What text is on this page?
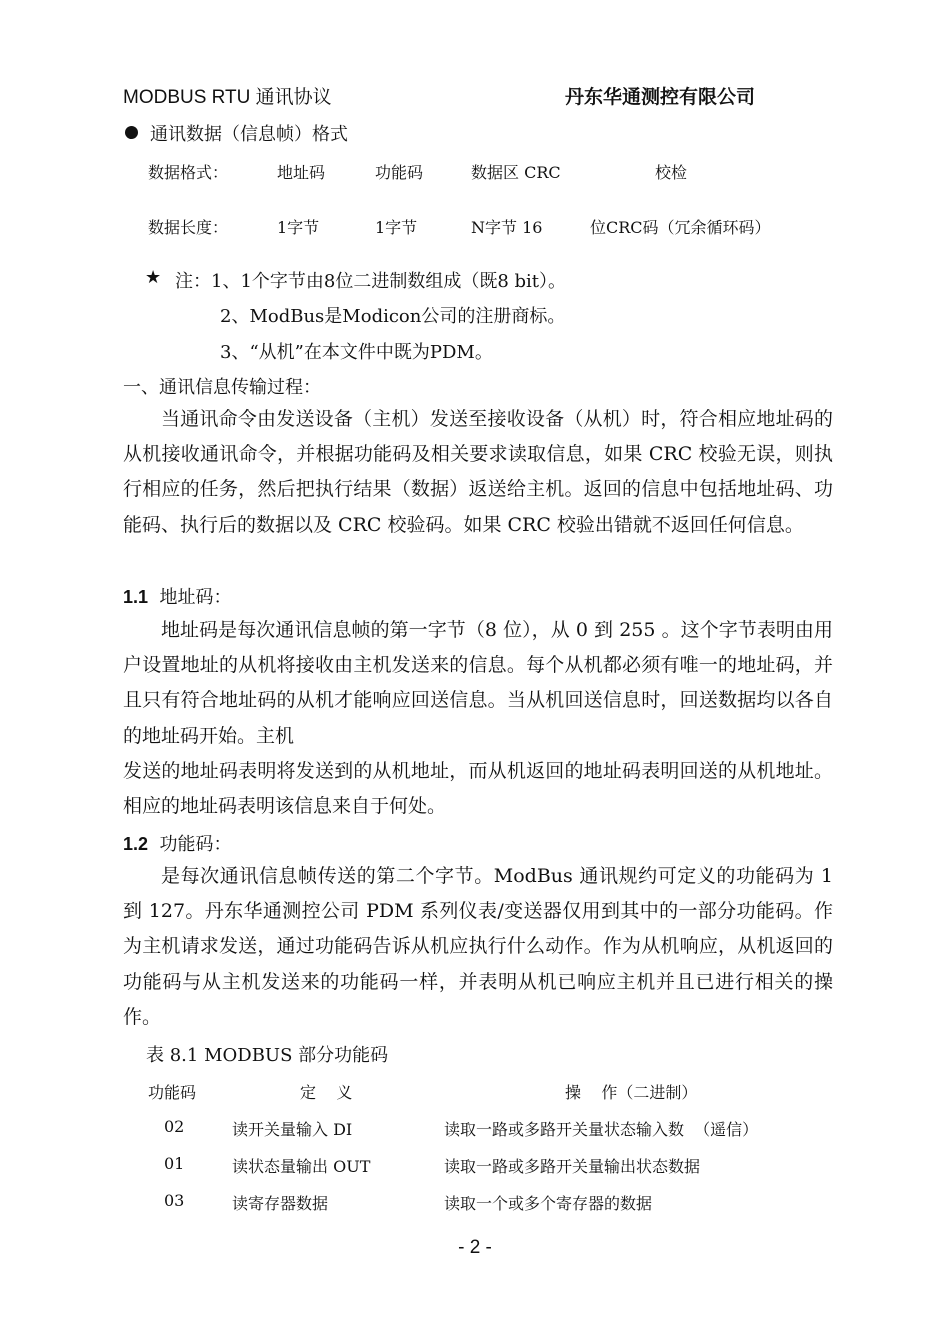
MODBUS RTU 通讯协议	丹东华通测控有限公司
通讯数据（信息帧）格式
数据格式：	地址码	功能码	数据区 CRC	校检
数据长度：	1字节	1字节	N字节 16	位CRC码（冗余循环码）
★ 注：1、1个字节由8位二进制数组成（既8 bit）。
2、ModBus是Modicon公司的注册商标。
3、“从机”在本文件中既为PDM。
一、通讯信息传输过程：
当通讯命令由发送设备（主机）发送至接收设备（从机）时，符合相应地址码的从机接收通讯命令，并根据功能码及相关要求读取信息，如果 CRC 校验无误，则执行相应的任务，然后把执行结果（数据）返送给主机。返回的信息中包括地址码、功能码、执行后的数据以及 CRC 校验码。如果 CRC 校验出错就不返回任何信息。
1.1 地址码：
地址码是每次通讯信息帧的第一字节（8 位），从 0 到 255 。这个字节表明由用户设置地址的从机将接收由主机发送来的信息。每个从机都必须有唯一的地址码，并且只有符合地址码的从机才能响应回送信息。当从机回送信息时，回送数据均以各自的地址码开始。主机
发送的地址码表明将发送到的从机地址，而从机返回的地址码表明回送的从机地址。相应的地址码表明该信息来自于何处。
1.2 功能码：
是每次通讯信息帧传送的第二个字节。ModBus 通讯规约可定义的功能码为 1 到 127。丹东华通测控公司 PDM 系列仪表/变送器仅用到其中的一部分功能码。作为主机请求发送，通过功能码告诉从机应执行什么动作。作为从机响应，从机返回的功能码与从主机发送来的功能码一样，并表明从机已响应主机并且已进行相关的操作。
表 8.1 MODBUS 部分功能码
功能码	定    义	操    作（二进制）
02	读开关量输入 DI	读取一路或多路开关量状态输入数  （遥信）
01	读状态量输出 OUT	读取一路或多路开关量输出状态数据
03	读寄存器数据	读取一个或多个寄存器的数据
- 2 -
